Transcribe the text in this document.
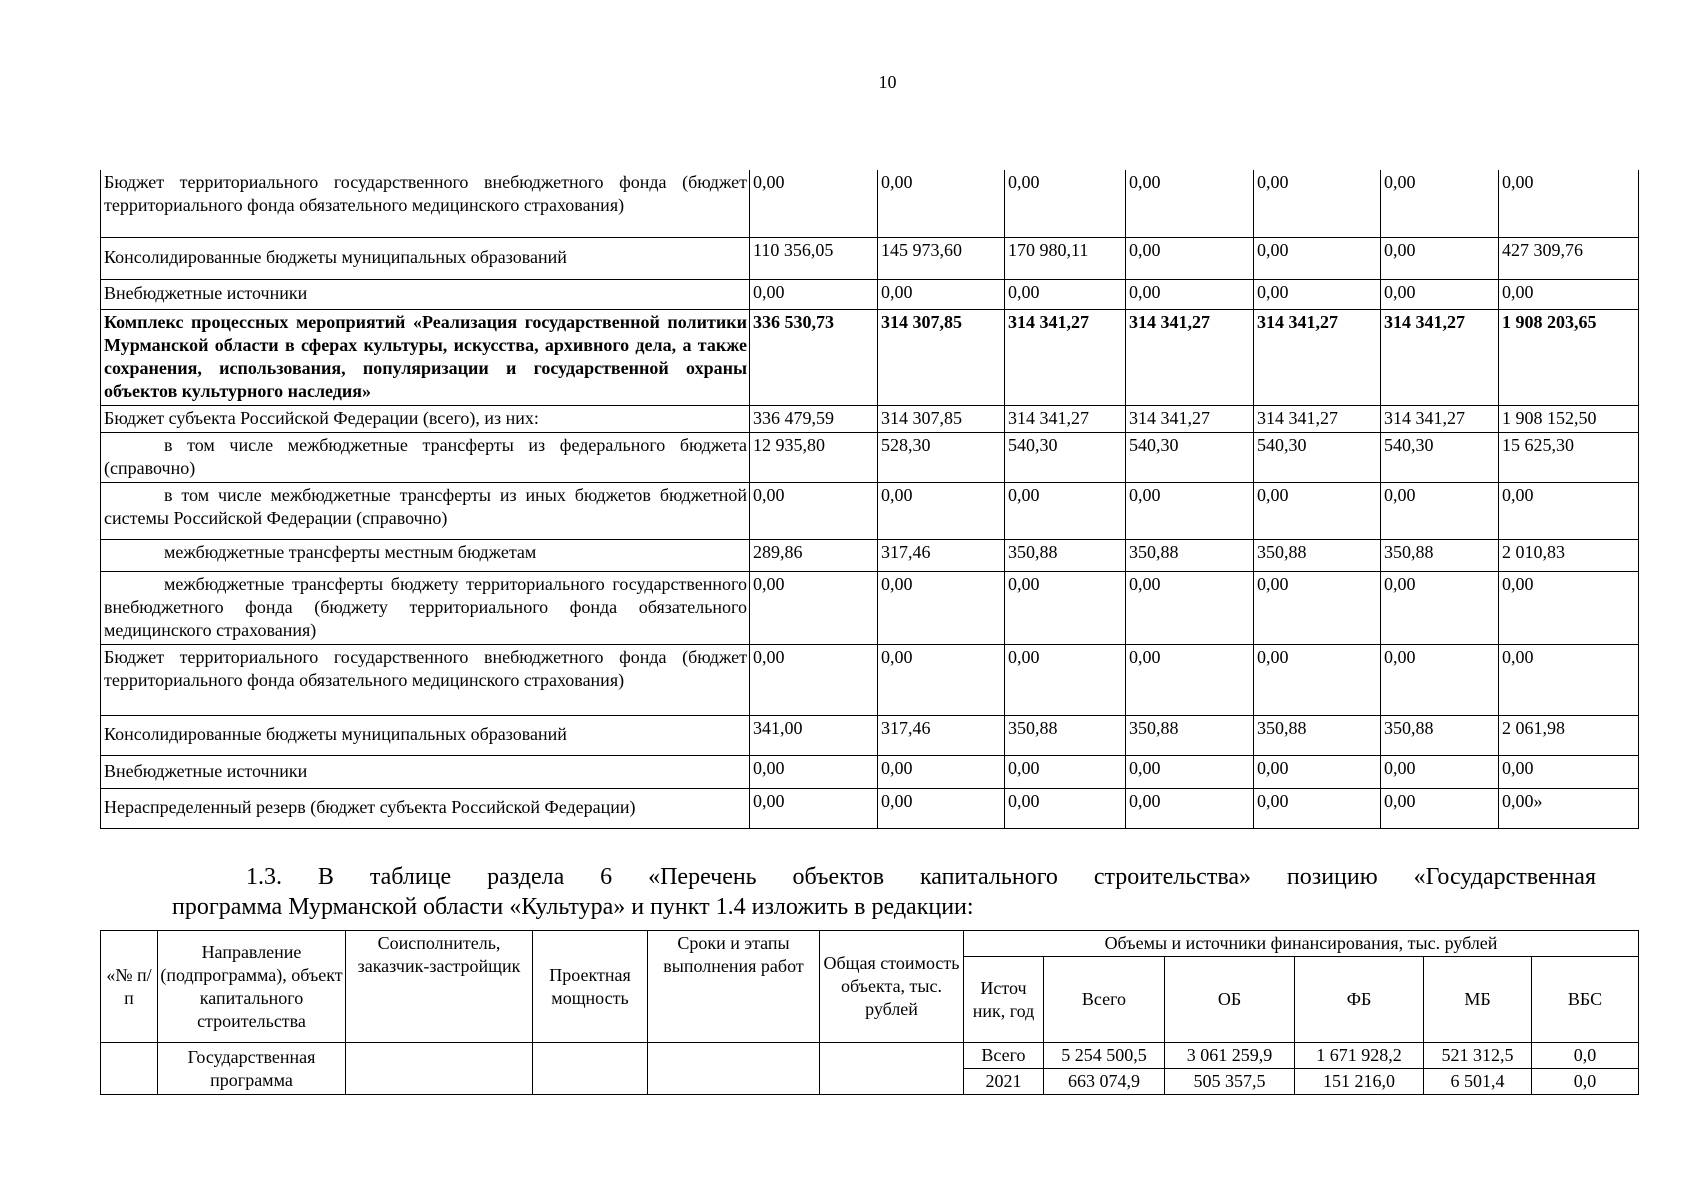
10
Бюджет территориального государственного внебюджетного фонда (бюджет территориального фонда обязательного медицинского страхования)	0,00	0,00	0,00	0,00	0,00	0,00	0,00
Консолидированные бюджеты муниципальных образований	110 356,05	145 973,60	170 980,11	0,00	0,00	0,00	427 309,76
Внебюджетные источники	0,00	0,00	0,00	0,00	0,00	0,00	0,00
Комплекс процессных мероприятий «Реализация государственной политики Мурманской области в сферах культуры, искусства, архивного дела, а также сохранения, использования, популяризации и государственной охраны объектов культурного наследия»	336 530,73	314 307,85	314 341,27	314 341,27	314 341,27	314 341,27	1 908 203,65
Бюджет субъекта Российской Федерации (всего), из них:	336 479,59	314 307,85	314 341,27	314 341,27	314 341,27	314 341,27	1 908 152,50
в том числе межбюджетные трансферты из федерального бюджета (справочно)	12 935,80	528,30	540,30	540,30	540,30	540,30	15 625,30
в том числе межбюджетные трансферты из иных бюджетов бюджетной системы Российской Федерации (справочно)	0,00	0,00	0,00	0,00	0,00	0,00	0,00
межбюджетные трансферты местным бюджетам	289,86	317,46	350,88	350,88	350,88	350,88	2 010,83
межбюджетные трансферты бюджету территориального государственного внебюджетного фонда (бюджету территориального фонда обязательного медицинского страхования)	0,00	0,00	0,00	0,00	0,00	0,00	0,00
Бюджет территориального государственного внебюджетного фонда (бюджет территориального фонда обязательного медицинского страхования)	0,00	0,00	0,00	0,00	0,00	0,00	0,00
Консолидированные бюджеты муниципальных образований	341,00	317,46	350,88	350,88	350,88	350,88	2 061,98
Внебюджетные источники	0,00	0,00	0,00	0,00	0,00	0,00	0,00
Нераспределенный резерв (бюджет субъекта Российской Федерации)	0,00	0,00	0,00	0,00	0,00	0,00	0,00»
1.3. В таблице раздела 6 «Перечень объектов капитального строительства» позицию «Государственная
программа Мурманской области «Культура» и пункт 1.4 изложить в редакции:
«№ п/п	Направление (подпрограмма), объект капитального строительства	Соисполнитель, заказчик-застройщик	Проектная мощность	Сроки и этапы выполнения работ	Общая стоимость объекта, тыс. рублей	Объемы и источники финансирования, тыс. рублей					
						Источ ник, год	Всего	ОБ	ФБ	МБ	ВБС
	Государственная программа					Всего	5 254 500,5	3 061 259,9	1 671 928,2	521 312,5	0,0
						2021	663 074,9	505 357,5	151 216,0	6 501,4	0,0
